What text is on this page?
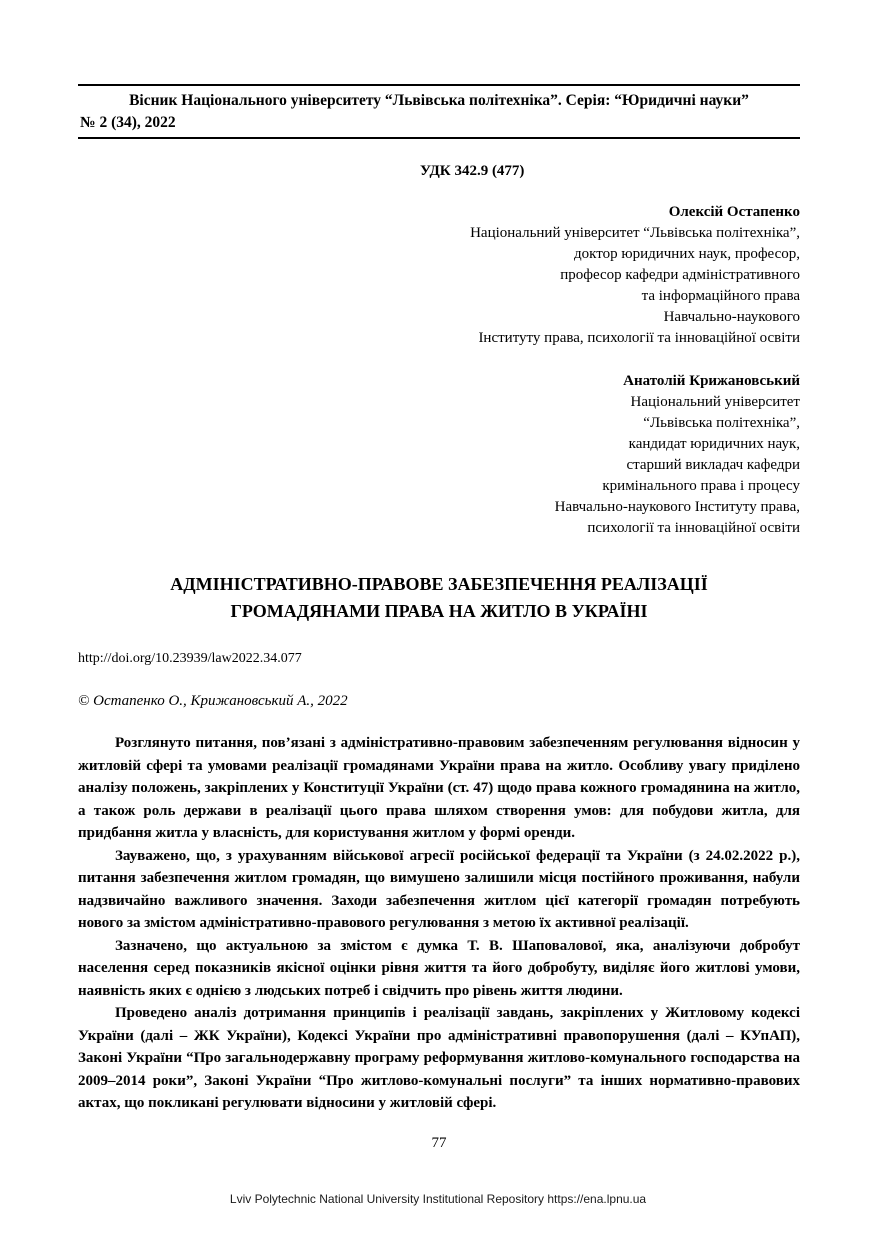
Вісник Національного університету “Львівська політехніка”. Серія: “Юридичні науки”
№ 2 (34), 2022
УДК 342.9 (477)
Олексій Остапенко
Національний університет “Львівська політехніка”,
доктор юридичних наук, професор,
професор кафедри адміністративного
та інформаційного права
Навчально-наукового
Інституту права, психології та інноваційної освіти
Анатолій Крижановський
Національний університет
“Львівська політехніка”,
кандидат юридичних наук,
старший викладач кафедри
кримінального права і процесу
Навчально-наукового Інституту права,
психології та інноваційної освіти
АДМІНІСТРАТИВНО-ПРАВОВЕ ЗАБЕЗПЕЧЕННЯ РЕАЛІЗАЦІЇ ГРОМАДЯНАМИ ПРАВА НА ЖИТЛО В УКРАЇНІ
http://doi.org/10.23939/law2022.34.077
© Остапенко О., Крижановський А., 2022

Розглянуто питання, пов’язані з адміністративно-правовим забезпеченням регулювання відносин у житловій сфері та умовами реалізації громадянами України права на житло. Особливу увагу приділено аналізу положень, закріплених у Конституції України (ст. 47) щодо права кожного громадянина на житло, а також роль держави в реалізації цього права шляхом створення умов: для побудови житла, для придбання житла у власність, для користування житлом у формі оренди.

Зауважено, що, з урахуванням військової агресії російської федерації та України (з 24.02.2022 р.), питання забезпечення житлом громадян, що вимушено залишили місця постійного проживання, набули надзвичайно важливого значення. Заходи забезпечення житлом цієї категорії громадян потребують нового за змістом адміністративно-правового регулювання з метою їх активної реалізації.

Зазначено, що актуальною за змістом є думка Т. В. Шаповалової, яка, аналізуючи добробут населення серед показників якісної оцінки рівня життя та його добробуту, виділяє його житлові умови, наявність яких є однією з людських потреб і свідчить про рівень життя людини.

Проведено аналіз дотримання принципів і реалізації завдань, закріплених у Житловому кодексі України (далі – ЖК України), Кодексі України про адміністративні правопорушення (далі – КУпАП), Законі України “Про загальнодержавну програму реформування житлово-комунального господарства на 2009–2014 роки”, Законі України “Про житлово-комунальні послуги” та інших нормативно-правових актах, що покликані регулювати відносини у житловій сфері.

77
Lviv Polytechnic National University Institutional Repository https://ena.lpnu.ua
